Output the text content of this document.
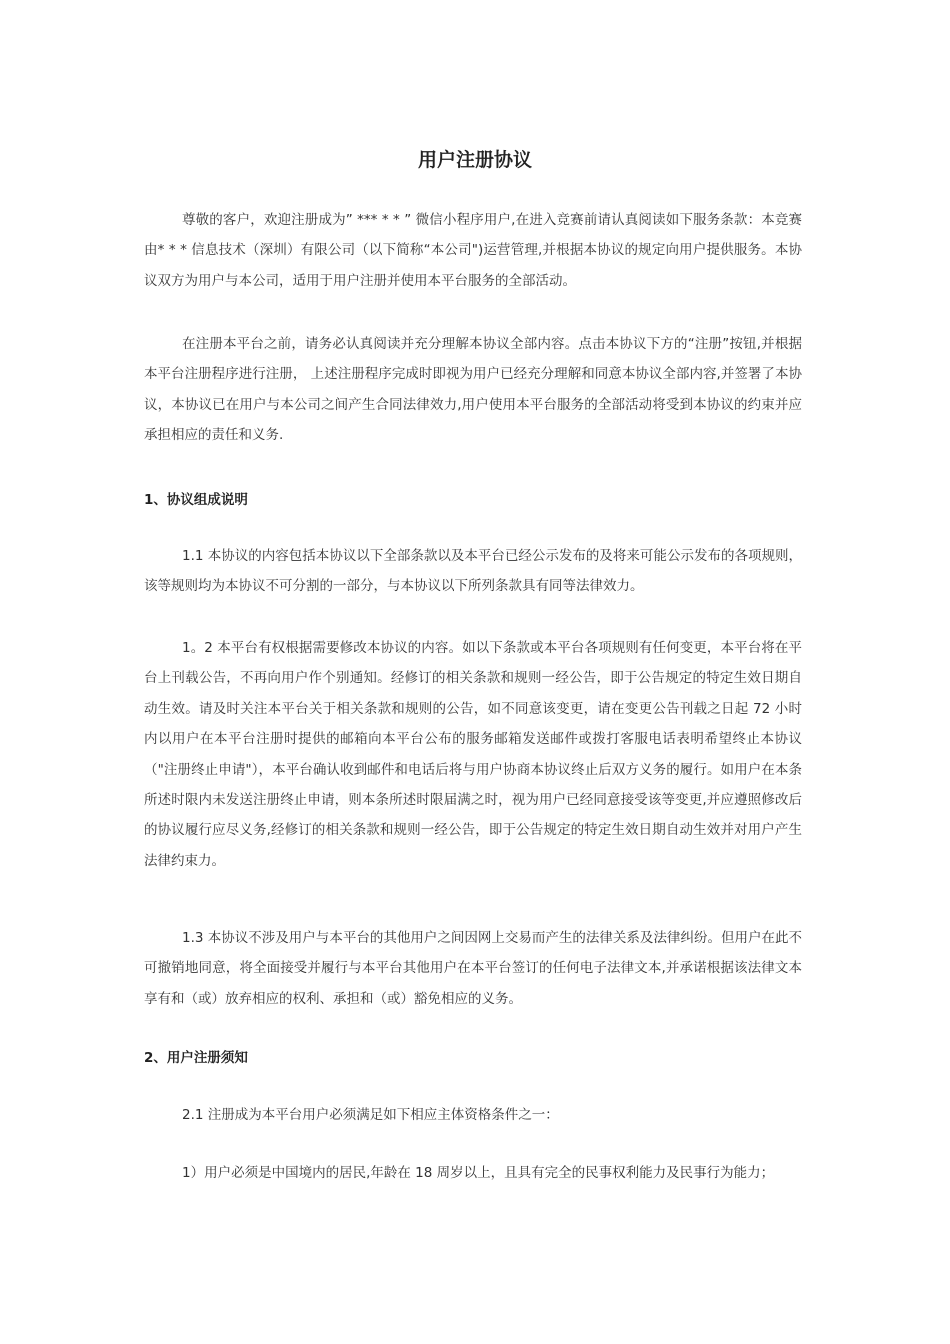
用户注册协议

尊敬的客户，欢迎注册成为” *** * * ” 微信小程序用户,在进入竞赛前请认真阅读如下服务条款：本竞赛由* * * 信息技术（深圳）有限公司（以下简称“本公司")运营管理,并根据本协议的规定向用户提供服务。本协议双方为用户与本公司，适用于用户注册并使用本平台服务的全部活动。

在注册本平台之前，请务必认真阅读并充分理解本协议全部内容。点击本协议下方的“注册”按钮,并根据本平台注册程序进行注册， 上述注册程序完成时即视为用户已经充分理解和同意本协议全部内容,并签署了本协议，本协议已在用户与本公司之间产生合同法律效力,用户使用本平台服务的全部活动将受到本协议的约束并应承担相应的责任和义务.

1、协议组成说明

1.1 本协议的内容包括本协议以下全部条款以及本平台已经公示发布的及将来可能公示发布的各项规则，该等规则均为本协议不可分割的一部分，与本协议以下所列条款具有同等法律效力。

1。2 本平台有权根据需要修改本协议的内容。如以下条款或本平台各项规则有任何变更，本平台将在平台上刊载公告，不再向用户作个别通知。经修订的相关条款和规则一经公告，即于公告规定的特定生效日期自动生效。请及时关注本平台关于相关条款和规则的公告，如不同意该变更，请在变更公告刊载之日起 72 小时内以用户在本平台注册时提供的邮箱向本平台公布的服务邮箱发送邮件或拨打客服电话表明希望终止本协议（"注册终止申请"），本平台确认收到邮件和电话后将与用户协商本协议终止后双方义务的履行。如用户在本条所述时限内未发送注册终止申请，则本条所述时限届满之时，视为用户已经同意接受该等变更,并应遵照修改后的协议履行应尽义务,经修订的相关条款和规则一经公告，即于公告规定的特定生效日期自动生效并对用户产生法律约束力。

1.3 本协议不涉及用户与本平台的其他用户之间因网上交易而产生的法律关系及法律纠纷。但用户在此不可撤销地同意，将全面接受并履行与本平台其他用户在本平台签订的任何电子法律文本,并承诺根据该法律文本享有和（或）放弃相应的权利、承担和（或）豁免相应的义务。

2、用户注册须知

2.1 注册成为本平台用户必须满足如下相应主体资格条件之一：

1）用户必须是中国境内的居民,年龄在 18 周岁以上，且具有完全的民事权利能力及民事行为能力；
